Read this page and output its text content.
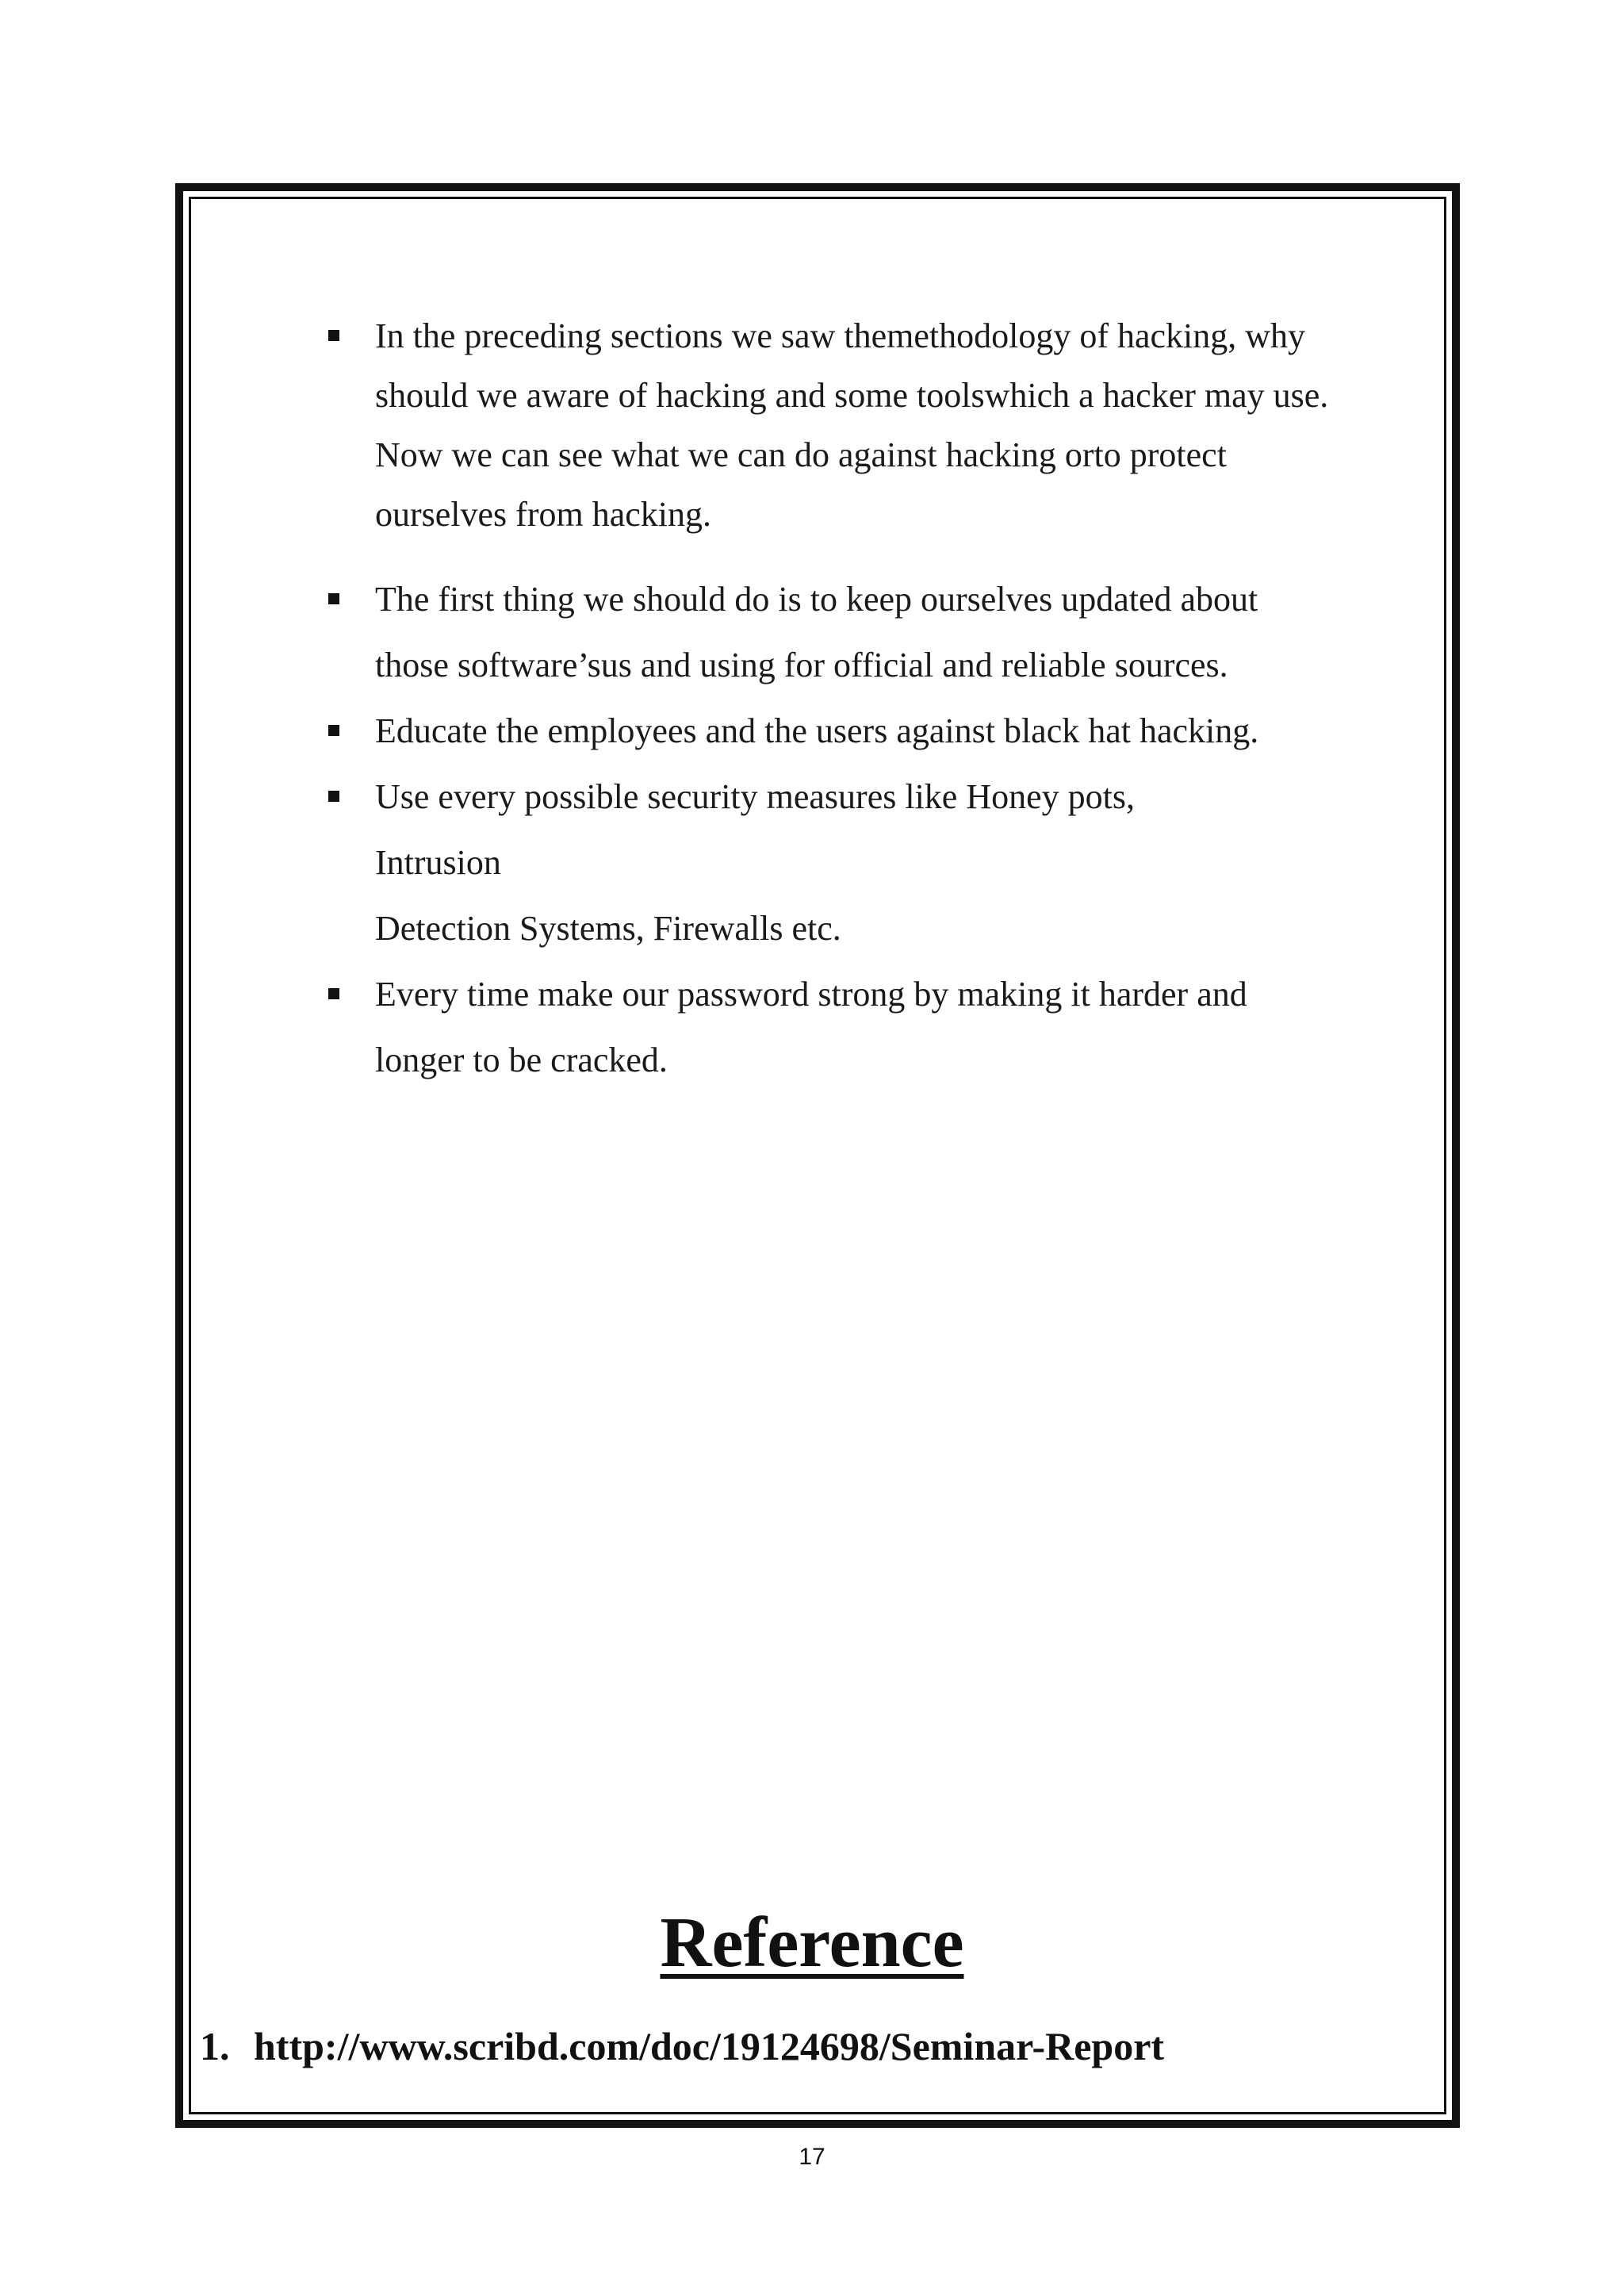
In the preceding sections we saw themethodology of hacking, why
should we aware of hacking and some toolswhich a hacker may use.
Now we can see what we can do against hacking orto protect
ourselves from hacking.
The first thing we should do is to keep ourselves updated about
those software’sus and using for official and reliable sources.
Educate the employees and the users against black hat hacking.
Use every possible security measures like Honey pots,
Intrusion
Detection Systems, Firewalls etc.
Every time make our password strong by making it harder and
longer to be cracked.
Reference
1. http://www.scribd.com/doc/19124698/Seminar-Report
17
